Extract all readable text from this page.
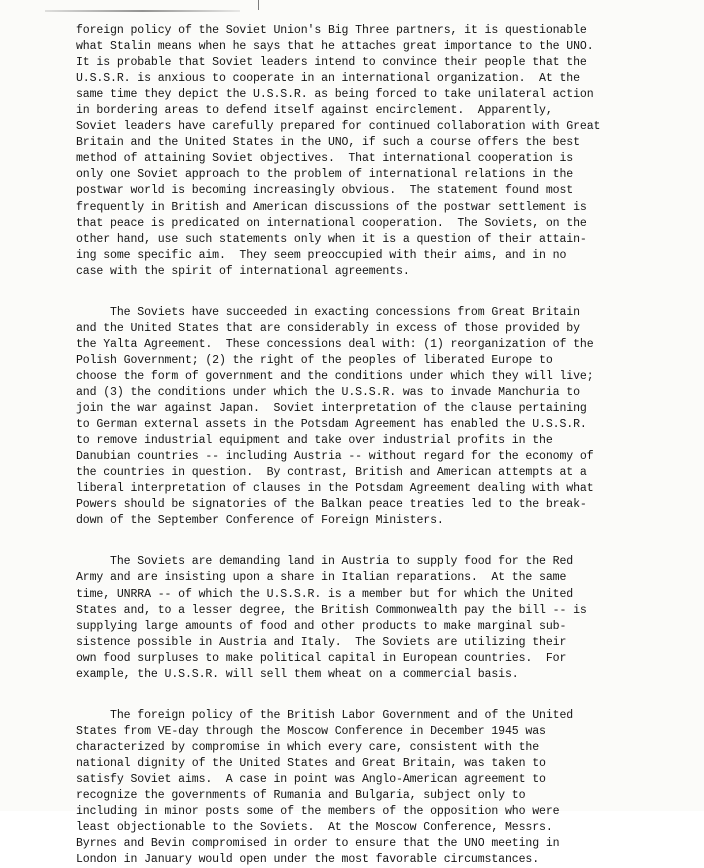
foreign policy of the Soviet Union's Big Three partners, it is questionable
what Stalin means when he says that he attaches great importance to the UNO.
It is probable that Soviet leaders intend to convince their people that the
U.S.S.R. is anxious to cooperate in an international organization.  At the
same time they depict the U.S.S.R. as being forced to take unilateral action
in bordering areas to defend itself against encirclement.  Apparently,
Soviet leaders have carefully prepared for continued collaboration with Great
Britain and the United States in the UNO, if such a course offers the best
method of attaining Soviet objectives.  That international cooperation is
only one Soviet approach to the problem of international relations in the
postwar world is becoming increasingly obvious.  The statement found most
frequently in British and American discussions of the postwar settlement is
that peace is predicated on international cooperation.  The Soviets, on the
other hand, use such statements only when it is a question of their attain-
ing some specific aim.  They seem preoccupied with their aims, and in no
case with the spirit of international agreements.

The Soviets have succeeded in exacting concessions from Great Britain
and the United States that are considerably in excess of those provided by
the Yalta Agreement.  These concessions deal with: (1) reorganization of the
Polish Government; (2) the right of the peoples of liberated Europe to
choose the form of government and the conditions under which they will live;
and (3) the conditions under which the U.S.S.R. was to invade Manchuria to
join the war against Japan.  Soviet interpretation of the clause pertaining
to German external assets in the Potsdam Agreement has enabled the U.S.S.R.
to remove industrial equipment and take over industrial profits in the
Danubian countries -- including Austria -- without regard for the economy of
the countries in question.  By contrast, British and American attempts at a
liberal interpretation of clauses in the Potsdam Agreement dealing with what
Powers should be signatories of the Balkan peace treaties led to the break-
down of the September Conference of Foreign Ministers.

The Soviets are demanding land in Austria to supply food for the Red
Army and are insisting upon a share in Italian reparations.  At the same
time, UNRRA -- of which the U.S.S.R. is a member but for which the United
States and, to a lesser degree, the British Commonwealth pay the bill -- is
supplying large amounts of food and other products to make marginal sub-
sistence possible in Austria and Italy.  The Soviets are utilizing their
own food surpluses to make political capital in European countries.  For
example, the U.S.S.R. will sell them wheat on a commercial basis.

The foreign policy of the British Labor Government and of the United
States from VE-day through the Moscow Conference in December 1945 was
characterized by compromise in which every care, consistent with the
national dignity of the United States and Great Britain, was taken to
satisfy Soviet aims.  A case in point was Anglo-American agreement to
recognize the governments of Rumania and Bulgaria, subject only to
including in minor posts some of the members of the opposition who were
least objectionable to the Soviets.  At the Moscow Conference, Messrs.
Byrnes and Bevin compromised in order to ensure that the UNO meeting in
London in January would open under the most favorable circumstances.
